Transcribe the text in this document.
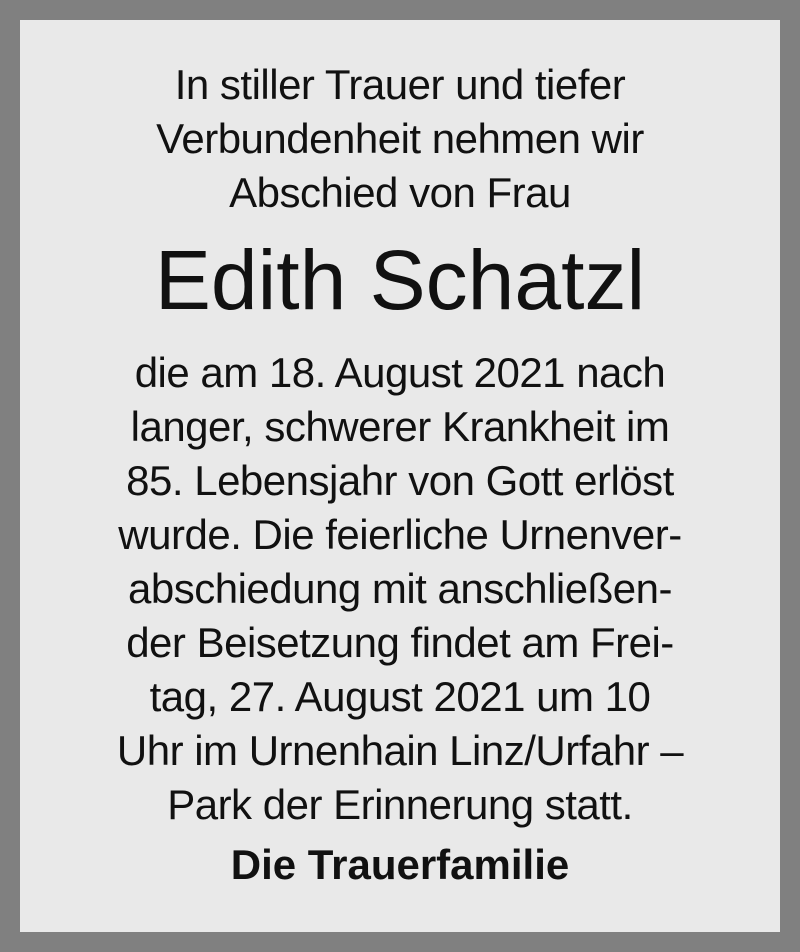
In stiller Trauer und tiefer
Verbundenheit nehmen wir
Abschied von Frau
Edith Schatzl
die am 18. August 2021 nach
langer, schwerer Krankheit im
85. Lebensjahr von Gott erlöst
wurde. Die feierliche Urnenver-
abschiedung mit anschließen-
der Beisetzung findet am Frei-
tag, 27. August 2021 um 10
Uhr im Urnenhain Linz/Urfahr –
Park der Erinnerung statt.
Die Trauerfamilie
